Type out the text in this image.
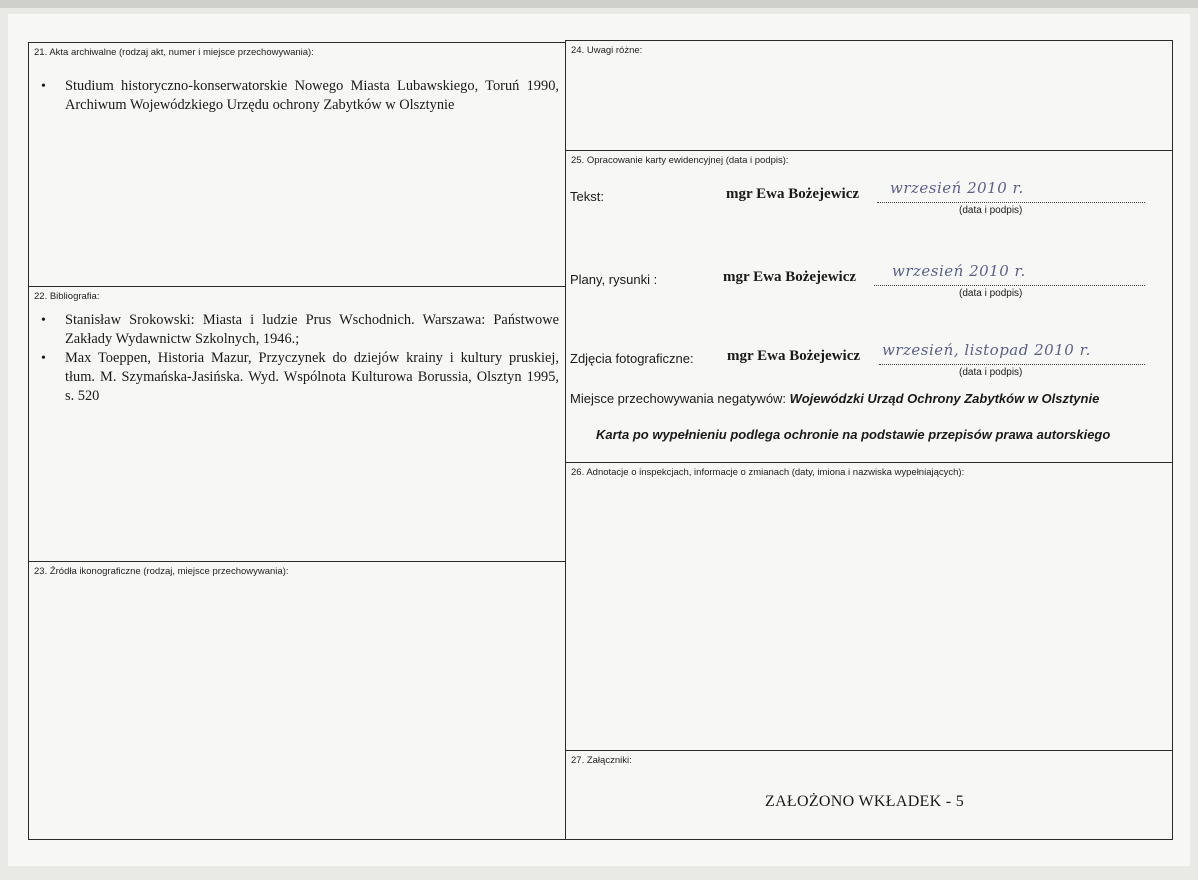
21. Akta archiwalne (rodzaj akt, numer i miejsce przechowywania):
• Studium historyczno-konserwatorskie Nowego Miasta Lubawskiego, Toruń 1990, Archiwum Wojewódzkiego Urzędu ochrony Zabytków w Olsztynie
22. Bibliografia:
• Stanisław Srokowski: Miasta i ludzie Prus Wschodnich. Warszawa: Państwowe Zakłady Wydawnictw Szkolnych, 1946.;
• Max Toeppen, Historia Mazur, Przyczynek do dziejów krainy i kultury pruskiej, tłum. M. Szymańska-Jasińska. Wyd. Wspólnota Kulturowa Borussia, Olsztyn 1995, s. 520
23. Źródła ikonograficzne (rodzaj, miejsce przechowywania):
24. Uwagi różne:
25. Opracowanie karty ewidencyjnej (data i podpis):
Tekst:	mgr Ewa Bożejewicz wrzesień 2010 r.
(data i podpis)
Plany, rysunki :	mgr Ewa Bożejewicz wrzesień 2010 r.
(data i podpis)
Zdjęcia fotograficzne: mgr Ewa Bożejewicz wrzesień, listopad 2010 r.
(data i podpis)
Miejsce przechowywania negatywów: Wojewódzki Urząd Ochrony Zabytków w Olsztynie
Karta po wypełnieniu podlega ochronie na podstawie przepisów prawa autorskiego
26. Adnotacje o inspekcjach, informacje o zmianach (daty, imiona i nazwiska wypełniających):
27. Załączniki:
ZAŁOŻONO WKŁADEK - 5
